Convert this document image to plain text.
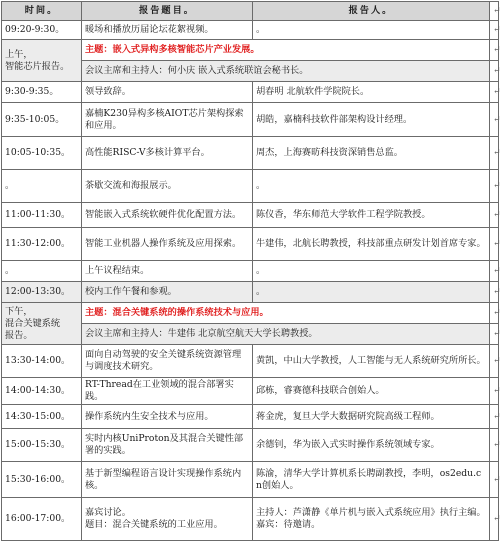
时间。	报告题目。	报告人。	↵
09:20-9:30。	暖场和播放历届论坛花絮视频。	。	↵
上午，
智能芯片报告。	主题：嵌入式异构多核智能芯片产业发展。		↵
	会议主席和主持人：何小庆 嵌入式系统联谊会秘书长。		↵
9:30-9:35。	领导致辞。	胡春明 北航软件学院院长。	↵
9:35-10:05。	嘉楠K230异构多核AIOT芯片架构探索和应用。	胡皓，嘉楠科技软件部架构设计经理。	↵
10:05-10:35。	高性能RISC-V多核计算平台。	周杰，上海赛昉科技资深销售总监。	↵
。	茶歇交流和海报展示。	。	↵
11:00-11:30。	智能嵌入式系统软硬件优化配置方法。	陈仪香，华东师范大学软件工程学院教授。	↵
11:30-12:00。	智能工业机器人操作系统及应用探索。	牛建伟，北航长聘教授，科技部重点研发计划首席专家。	↵
。	上午议程结束。	。	↵
12:00-13:30。	校内工作午餐和参观。	。	↵
下午，
混合关键系统
报告。	主题：混合关键系统的操作系统技术与应用。		↵
	会议主席和主持人：牛建伟 北京航空航天大学长聘教授。		↵
13:30-14:00。	面向自动驾驶的安全关键系统资源管理与调度技术研究。	黄凯，中山大学教授，人工智能与无人系统研究所所长。	↵
14:00-14:30。	RT-Thread在工业领域的混合部署实践。	邱栋，睿赛德科技联合创始人。	↵
14:30-15:00。	操作系统内生安全技术与应用。	蒋金虎，复旦大学大数据研究院高级工程师。	↵
15:00-15:30。	实时内核UniProton及其混合关键性部署的实践。	余德钊，华为嵌入式实时操作系统领域专家。	↵
15:30-16:00。	基于新型编程语言设计实现操作系统内核。	陈渝，清华大学计算机系长聘副教授，李明，os2edu.cn创始人。	↵
16:00-17:00。	嘉宾讨论。
题目：混合关键系统的工业应用。	主持人：芦潇静《单片机与嵌入式系统应用》执行主编。
嘉宾：待邀请。	↵
